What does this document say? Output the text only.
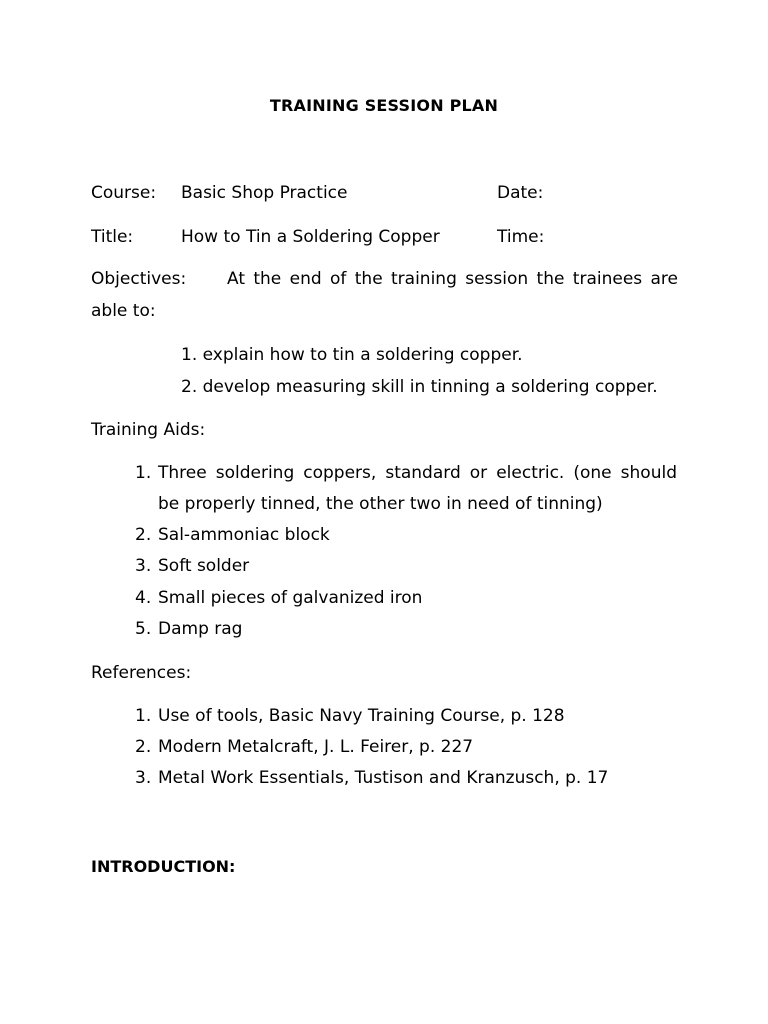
TRAINING SESSION PLAN
Course: Basic Shop Practice	Date:
Title:	How to Tin a Soldering Copper	Time:
Objectives: At the end of the training session the trainees are
able to:
1. explain how to tin a soldering copper.
2. develop measuring skill in tinning a soldering copper.
Training Aids:
1. Three soldering coppers, standard or electric. (one should
be properly tinned, the other two in need of tinning)
2. Sal-ammoniac block
3. Soft solder
4. Small pieces of galvanized iron
5. Damp rag
References:
1. Use of tools, Basic Navy Training Course, p. 128
2. Modern Metalcraft, J. L. Feirer, p. 227
3. Metal Work Essentials, Tustison and Kranzusch, p. 17
INTRODUCTION:
